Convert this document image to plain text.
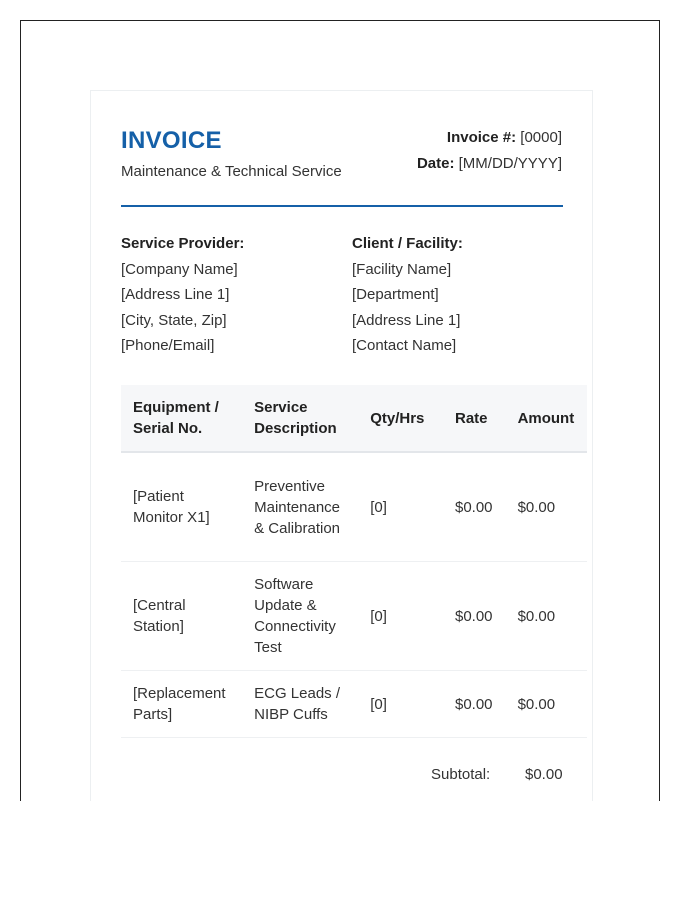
INVOICE
Maintenance & Technical Service
Invoice #: [0000]
Date: [MM/DD/YYYY]
Service Provider:
[Company Name]
[Address Line 1]
[City, State, Zip]
[Phone/Email]
Client / Facility:
[Facility Name]
[Department]
[Address Line 1]
[Contact Name]
Equipment / Serial No.	Service Description	Qty/Hrs	Rate	Amount
[Patient Monitor X1]	Preventive Maintenance & Calibration	[0]	$0.00	$0.00
[Central Station]	Software Update & Connectivity Test	[0]	$0.00	$0.00
[Replacement Parts]	ECG Leads / NIBP Cuffs	[0]	$0.00	$0.00
Subtotal: $0.00
